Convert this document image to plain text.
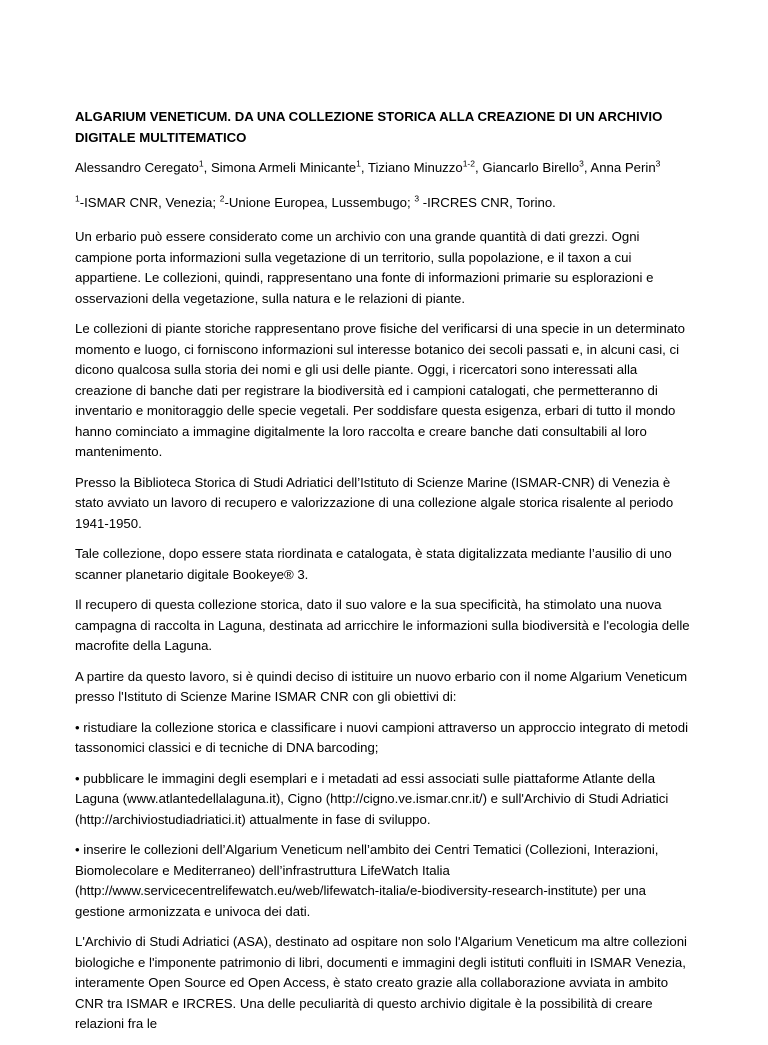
ALGARIUM VENETICUM. DA UNA COLLEZIONE STORICA ALLA CREAZIONE DI UN ARCHIVIO DIGITALE MULTITEMATICO

Alessandro Ceregato$^1$, Simona Armeli Minicante$^1$, Tiziano Minuzzo$^{1-2}$, Giancarlo Birello$^3$, Anna Perin$^3$

$^1$-ISMAR CNR, Venezia; $^2$-Unione Europea, Lussembugo; $^3$ -IRCRES CNR, Torino.

Un erbario può essere considerato come un archivio con una grande quantità di dati grezzi. Ogni campione porta informazioni sulla vegetazione di un territorio, sulla popolazione, e il taxon a cui appartiene. Le collezioni, quindi, rappresentano una fonte di informazioni primarie su esplorazioni e osservazioni della vegetazione, sulla natura e le relazioni di piante.

Le collezioni di piante storiche rappresentano prove fisiche del verificarsi di una specie in un determinato momento e luogo, ci forniscono informazioni sul interesse botanico dei secoli passati e, in alcuni casi, ci dicono qualcosa sulla storia dei nomi e gli usi delle piante. Oggi, i ricercatori sono interessati alla creazione di banche dati per registrare la biodiversità ed i campioni catalogati, che permetteranno di inventario e monitoraggio delle specie vegetali. Per soddisfare questa esigenza, erbari di tutto il mondo hanno cominciato a immagine digitalmente la loro raccolta e creare banche dati consultabili al loro mantenimento.

Presso la Biblioteca Storica di Studi Adriatici dell’Istituto di Scienze Marine (ISMAR-CNR) di Venezia è stato avviato un lavoro di recupero e valorizzazione di una collezione algale storica risalente al periodo 1941-1950.

Tale collezione, dopo essere stata riordinata e catalogata, è stata digitalizzata mediante l’ausilio di uno scanner planetario digitale Bookeye® 3.

Il recupero di questa collezione storica, dato il suo valore e la sua specificità, ha stimolato una nuova campagna di raccolta in Laguna, destinata ad arricchire le informazioni sulla biodiversità e l'ecologia delle macrofite della Laguna.

A partire da questo lavoro, si è quindi deciso di istituire un nuovo erbario con il nome Algarium Veneticum presso l'Istituto di Scienze Marine ISMAR CNR con gli obiettivi di:

• ristudiare la collezione storica e classificare i nuovi campioni attraverso un approccio integrato di metodi tassonomici classici e di tecniche di DNA barcoding;

• pubblicare le immagini degli esemplari e i metadati ad essi associati sulle piattaforme Atlante della Laguna (www.atlantedellalaguna.it), Cigno (http://cigno.ve.ismar.cnr.it/) e sull'Archivio di Studi Adriatici (http://archiviostudiadriatici.it) attualmente in fase di sviluppo.

• inserire le collezioni dell’Algarium Veneticum nell’ambito dei Centri Tematici (Collezioni, Interazioni, Biomolecolare e Mediterraneo) dell’infrastruttura LifeWatch Italia (http://www.servicecentrelifewatch.eu/web/lifewatch-italia/e-biodiversity-research-institute) per una gestione armonizzata e univoca dei dati.

L'Archivio di Studi Adriatici (ASA), destinato ad ospitare non solo l'Algarium Veneticum ma altre collezioni biologiche e l'imponente patrimonio di libri, documenti e immagini degli istituti confluiti in ISMAR Venezia, interamente Open Source ed Open Access, è stato creato grazie alla collaborazione avviata in ambito CNR tra ISMAR e IRCRES. Una delle peculiarità di questo archivio digitale è la possibilità di creare relazioni fra le
